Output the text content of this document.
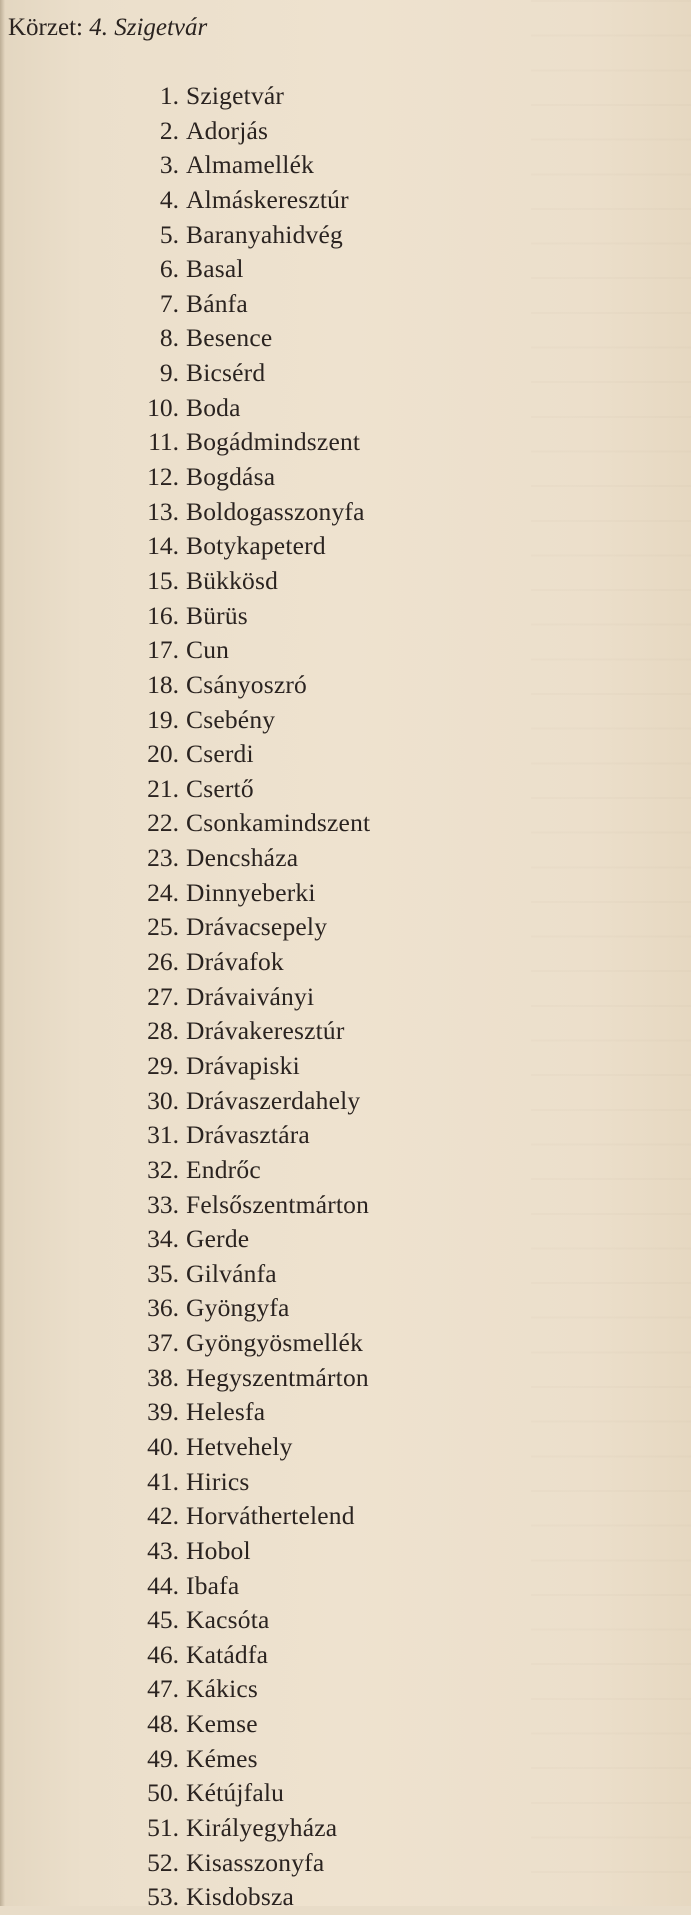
Körzet: 4. Szigetvár
1. Szigetvár
2. Adorjás
3. Almamellék
4. Almáskeresztúr
5. Baranyahidvég
6. Basal
7. Bánfa
8. Besence
9. Bicsérd
10. Boda
11. Bogádmindszent
12. Bogdása
13. Boldogasszonyfa
14. Botykapeterd
15. Bükkösd
16. Bürüs
17. Cun
18. Csányoszró
19. Csebény
20. Cserdi
21. Csertő
22. Csonkamindszent
23. Dencsháza
24. Dinnyeberki
25. Drávacsepely
26. Drávafok
27. Drávaiványi
28. Drávakeresztúr
29. Drávapiski
30. Drávaszerdahely
31. Drávasztára
32. Endrőc
33. Felsőszentmárton
34. Gerde
35. Gilvánfa
36. Gyöngyfa
37. Gyöngyösmellék
38. Hegyszentmárton
39. Helesfa
40. Hetvehely
41. Hirics
42. Horváthertelend
43. Hobol
44. Ibafa
45. Kacsóta
46. Katádfa
47. Kákics
48. Kemse
49. Kémes
50. Kétújfalu
51. Királyegyháza
52. Kisasszonyfa
53. Kisdobsza
